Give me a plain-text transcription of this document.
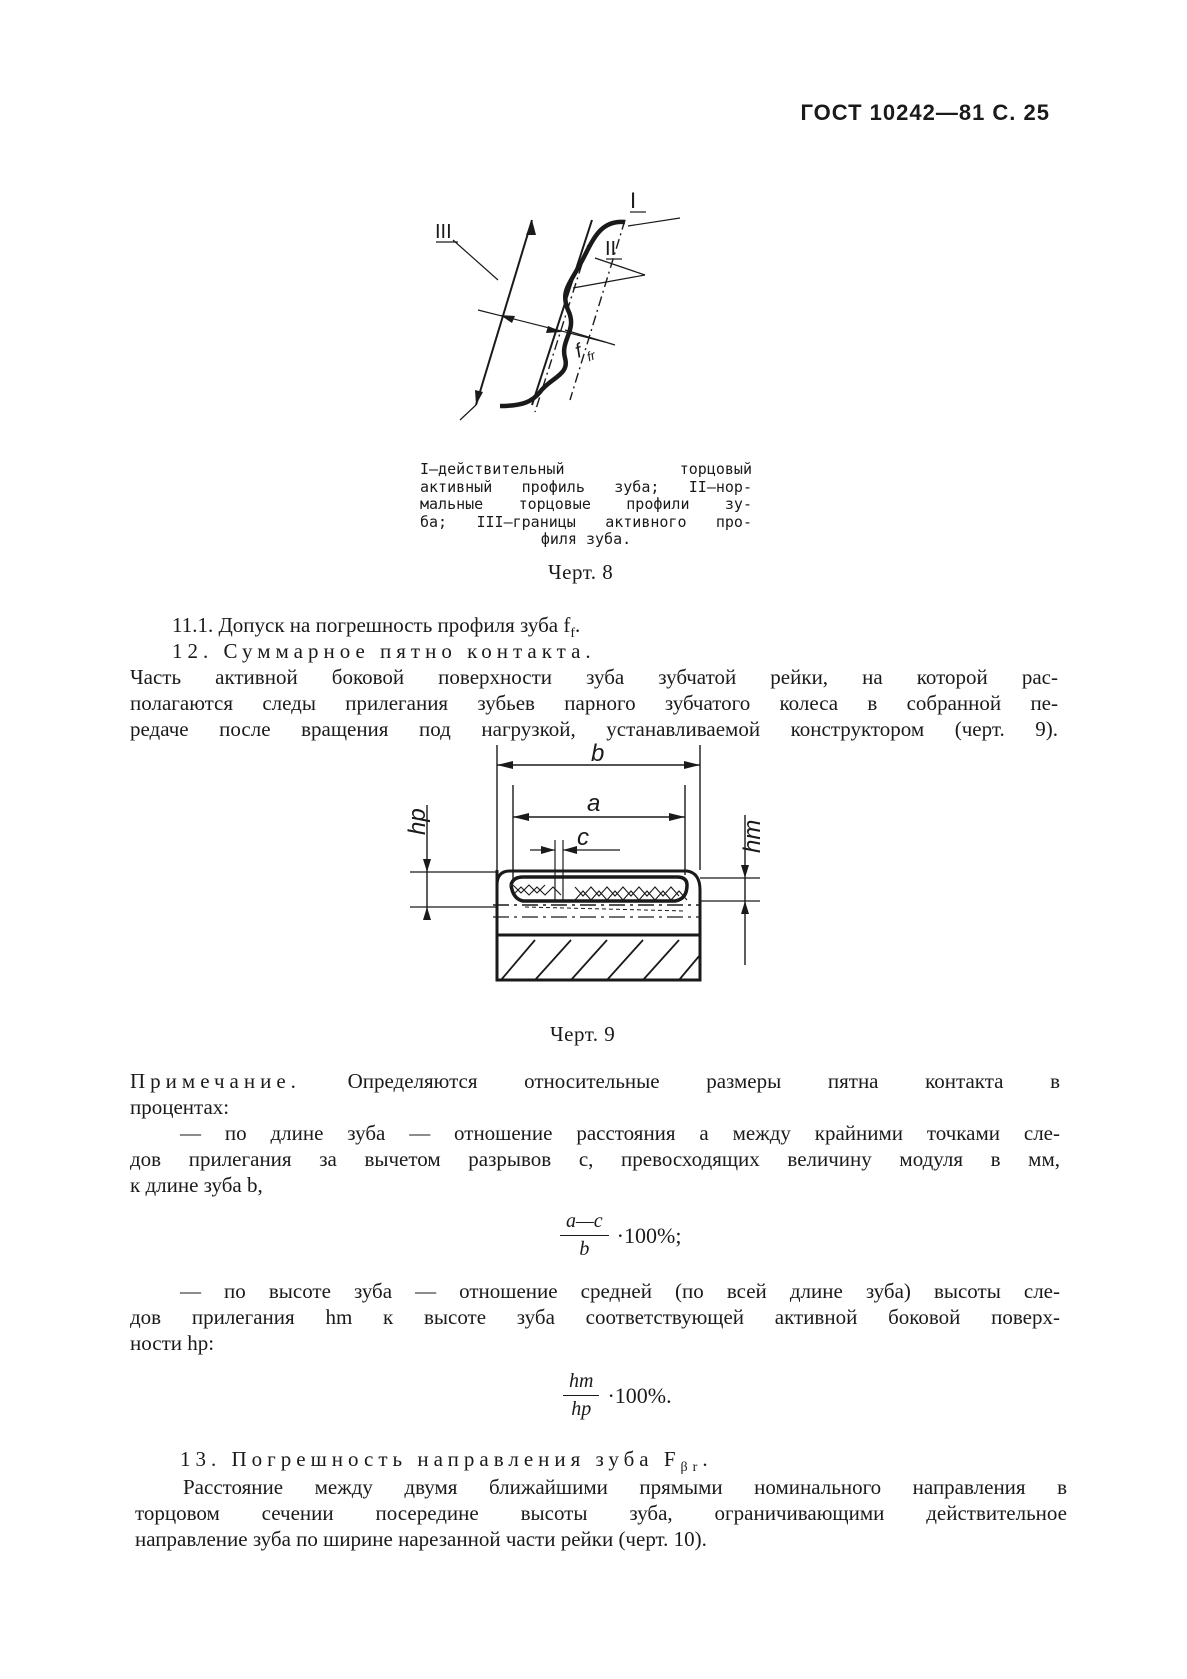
ГОСТ 10242—81 С. 25
I
II
III
f fr
I—действительный	торцовый
активный профиль зуба; II—нор-
мальные торцовые профили зу-
ба; III—границы активного про-
филя зуба.
Черт. 8
11.1. Допуск на погрешность профиля зуба $f_f$.
12. Суммарное пятно контакта.
Часть активной боковой поверхности зуба зубчатой рейки, на которой рас-
полагаются следы прилегания зубьев парного зубчатого колеса в собранной пе-
редаче после вращения под нагрузкой, устанавливаемой конструктором (черт. 9).
b
a
c
hp	hm
Черт. 9
Примечание. Определяются относительные размеры пятна контакта в
процентах:
— по длине зуба — отношение расстояния a между крайними точками сле-
дов прилегания за вычетом разрывов c, превосходящих величину модуля в мм,
к длине зуба b,
$\frac{a—c}{b} \cdot 100\%$;
— по высоте зуба — отношение средней (по всей длине зуба) высоты сле-
дов прилегания hm к высоте зуба соответствующей активной боковой поверх-
ности hp:
$\frac{hm}{hp} \cdot 100\%$.
13. Погрешность направления зуба $F_{\beta r}$.
Расстояние между двумя ближайшими прямыми номинального направления в
торцовом сечении посередине высоты зуба, ограничивающими действительное
направление зуба по ширине нарезанной части рейки (черт. 10).
